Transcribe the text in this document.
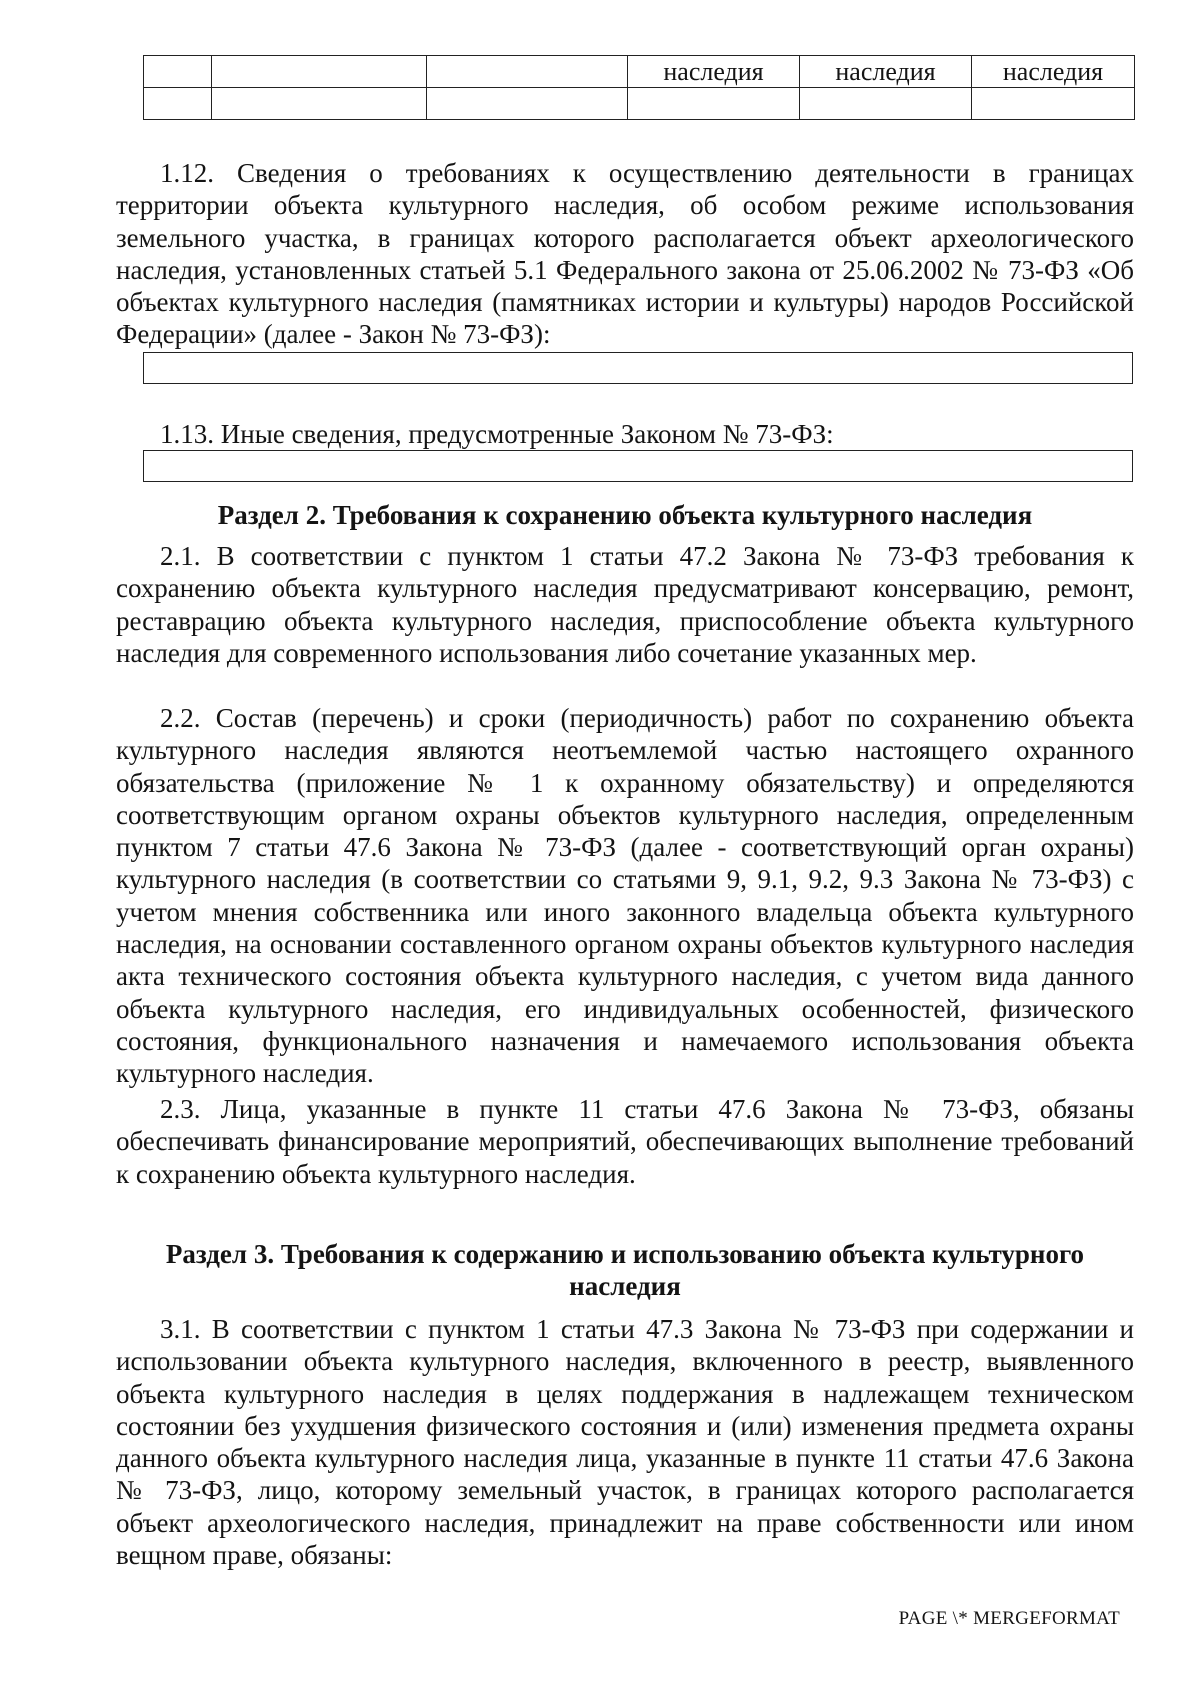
			наследия	наследия	наследия

1.12. Сведения о требованиях к осуществлению деятельности в границах территории объекта культурного наследия, об особом режиме использования земельного участка, в границах которого располагается объект археологического наследия, установленных статьей 5.1 Федерального закона от 25.06.2002 № 73-ФЗ «Об объектах культурного наследия (памятниках истории и культуры) народов Российской Федерации» (далее - Закон № 73-ФЗ):

1.13. Иные сведения, предусмотренные Законом № 73-ФЗ:

Раздел 2. Требования к сохранению объекта культурного наследия

2.1. В соответствии с пунктом 1 статьи 47.2 Закона № 73-ФЗ требования к сохранению объекта культурного наследия предусматривают консервацию, ремонт, реставрацию объекта культурного наследия, приспособление объекта культурного наследия для современного использования либо сочетание указанных мер.

2.2. Состав (перечень) и сроки (периодичность) работ по сохранению объекта культурного наследия являются неотъемлемой частью настоящего охранного обязательства (приложение № 1 к охранному обязательству) и определяются соответствующим органом охраны объектов культурного наследия, определенным пунктом 7 статьи 47.6 Закона № 73-ФЗ (далее - соответствующий орган охраны) культурного наследия (в соответствии со статьями 9, 9.1, 9.2, 9.3 Закона № 73-ФЗ) с учетом мнения собственника или иного законного владельца объекта культурного наследия, на основании составленного органом охраны объектов культурного наследия акта технического состояния объекта культурного наследия, с учетом вида данного объекта культурного наследия, его индивидуальных особенностей, физического состояния, функционального назначения и намечаемого использования объекта культурного наследия.

2.3. Лица, указанные в пункте 11 статьи 47.6 Закона № 73-ФЗ, обязаны обеспечивать финансирование мероприятий, обеспечивающих выполнение требований к сохранению объекта культурного наследия.

Раздел 3. Требования к содержанию и использованию объекта культурного
наследия

3.1. В соответствии с пунктом 1 статьи 47.3 Закона № 73-ФЗ при содержании и использовании объекта культурного наследия, включенного в реестр, выявленного объекта культурного наследия в целях поддержания в надлежащем техническом состоянии без ухудшения физического состояния и (или) изменения предмета охраны данного объекта культурного наследия лица, указанные в пункте 11 статьи 47.6 Закона № 73-ФЗ, лицо, которому земельный участок, в границах которого располагается объект археологического наследия, принадлежит на праве собственности или ином вещном праве, обязаны:

PAGE \* MERGEFORMAT
